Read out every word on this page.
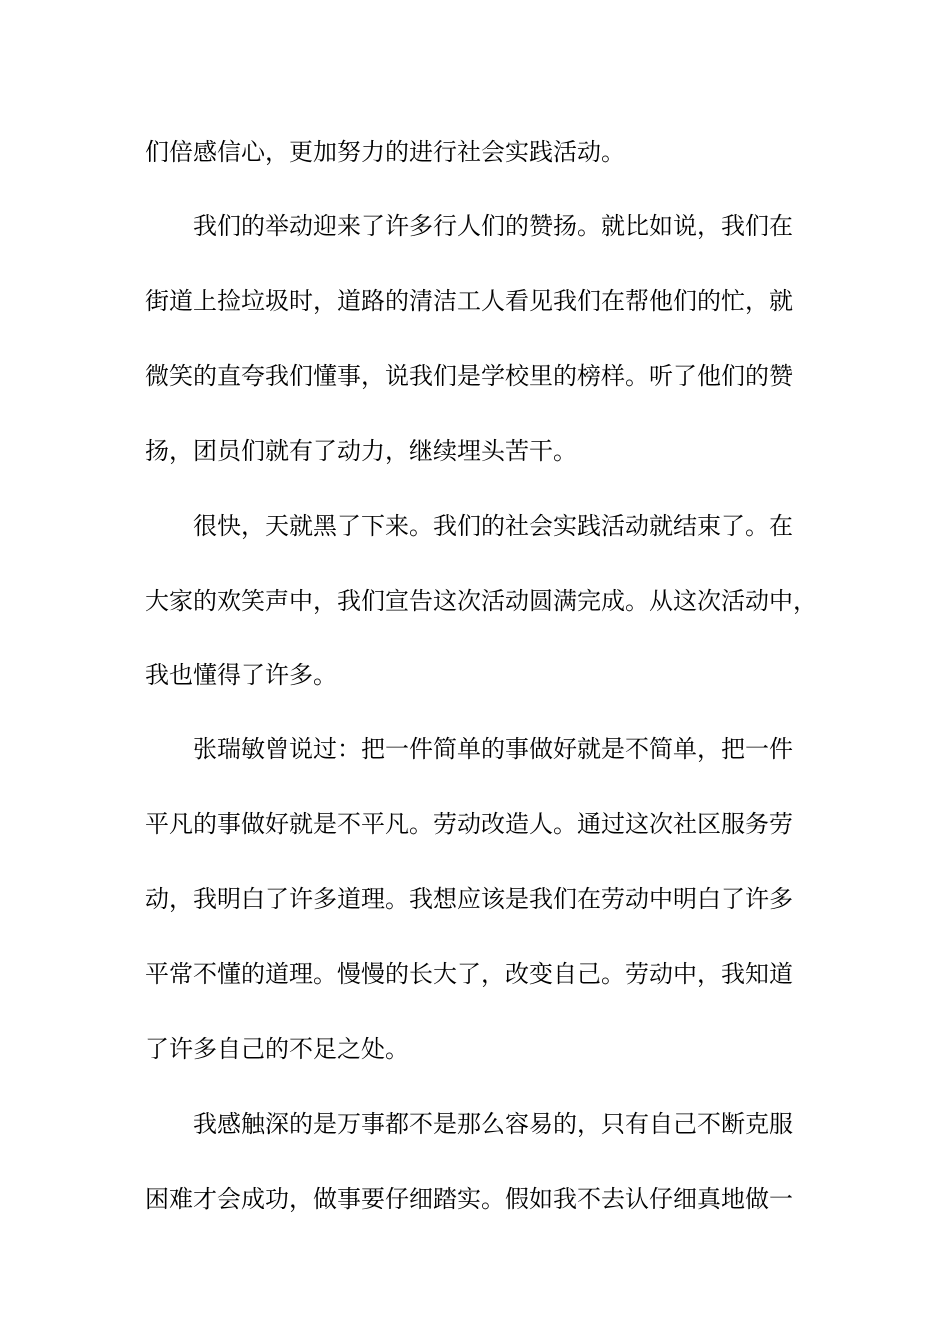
们倍感信心，更加努力的进行社会实践活动。
我们的举动迎来了许多行人们的赞扬。就比如说，我们在
街道上捡垃圾时，道路的清洁工人看见我们在帮他们的忙，就
微笑的直夸我们懂事，说我们是学校里的榜样。听了他们的赞
扬，团员们就有了动力，继续埋头苦干。
很快，天就黑了下来。我们的社会实践活动就结束了。在
大家的欢笑声中，我们宣告这次活动圆满完成。从这次活动中，
我也懂得了许多。
张瑞敏曾说过：把一件简单的事做好就是不简单，把一件
平凡的事做好就是不平凡。劳动改造人。通过这次社区服务劳
动，我明白了许多道理。我想应该是我们在劳动中明白了许多
平常不懂的道理。慢慢的长大了，改变自己。劳动中，我知道
了许多自己的不足之处。
我感触深的是万事都不是那么容易的，只有自己不断克服
困难才会成功，做事要仔细踏实。假如我不去认仔细真地做一
